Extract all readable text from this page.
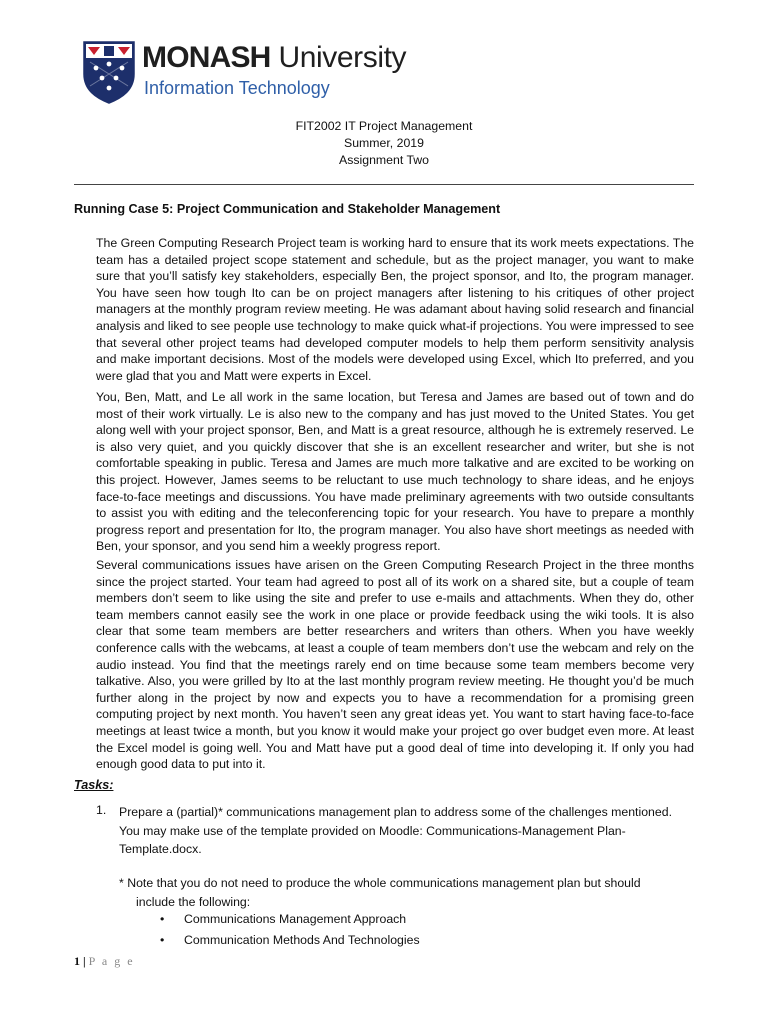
MONASH University
Information Technology
FIT2002 IT Project Management
Summer, 2019
Assignment Two
Running Case 5: Project Communication and Stakeholder Management

The Green Computing Research Project team is working hard to ensure that its work meets expectations. The team has a detailed project scope statement and schedule, but as the project manager, you want to make sure that you’ll satisfy key stakeholders, especially Ben, the project sponsor, and Ito, the program manager. You have seen how tough Ito can be on project managers after listening to his critiques of other project managers at the monthly program review meeting. He was adamant about having solid research and financial analysis and liked to see people use technology to make quick what-if projections. You were impressed to see that several other project teams had developed computer models to help them perform sensitivity analysis and make important decisions. Most of the models were developed using Excel, which Ito preferred, and you were glad that you and Matt were experts in Excel.

You, Ben, Matt, and Le all work in the same location, but Teresa and James are based out of town and do most of their work virtually. Le is also new to the company and has just moved to the United States. You get along well with your project sponsor, Ben, and Matt is a great resource, although he is extremely reserved. Le is also very quiet, and you quickly discover that she is an excellent researcher and writer, but she is not comfortable speaking in public. Teresa and James are much more talkative and are excited to be working on this project. However, James seems to be reluctant to use much technology to share ideas, and he enjoys face-to-face meetings and discussions. You have made preliminary agreements with two outside consultants to assist you with editing and the teleconferencing topic for your research. You have to prepare a monthly progress report and presentation for Ito, the program manager. You also have short meetings as needed with Ben, your sponsor, and you send him a weekly progress report.

Several communications issues have arisen on the Green Computing Research Project in the three months since the project started. Your team had agreed to post all of its work on a shared site, but a couple of team members don’t seem to like using the site and prefer to use e-mails and attachments. When they do, other team members cannot easily see the work in one place or provide feedback using the wiki tools. It is also clear that some team members are better researchers and writers than others. When you have weekly conference calls with the webcams, at least a couple of team members don’t use the webcam and rely on the audio instead. You find that the meetings rarely end on time because some team members become very talkative. Also, you were grilled by Ito at the last monthly program review meeting. He thought you’d be much further along in the project by now and expects you to have a recommendation for a promising green computing project by next month. You haven’t seen any great ideas yet. You want to start having face-to-face meetings at least twice a month, but you know it would make your project go over budget even more. At least the Excel model is going well. You and Matt have put a good deal of time into developing it. If only you had enough good data to put into it.

Tasks:
1. Prepare a (partial)* communications management plan to address some of the challenges mentioned. You may make use of the template provided on Moodle: Communications-Management Plan-Template.docx.
* Note that you do not need to produce the whole communications management plan but should
include the following:
• Communications Management Approach
• Communication Methods And Technologies
1 | P a g e
